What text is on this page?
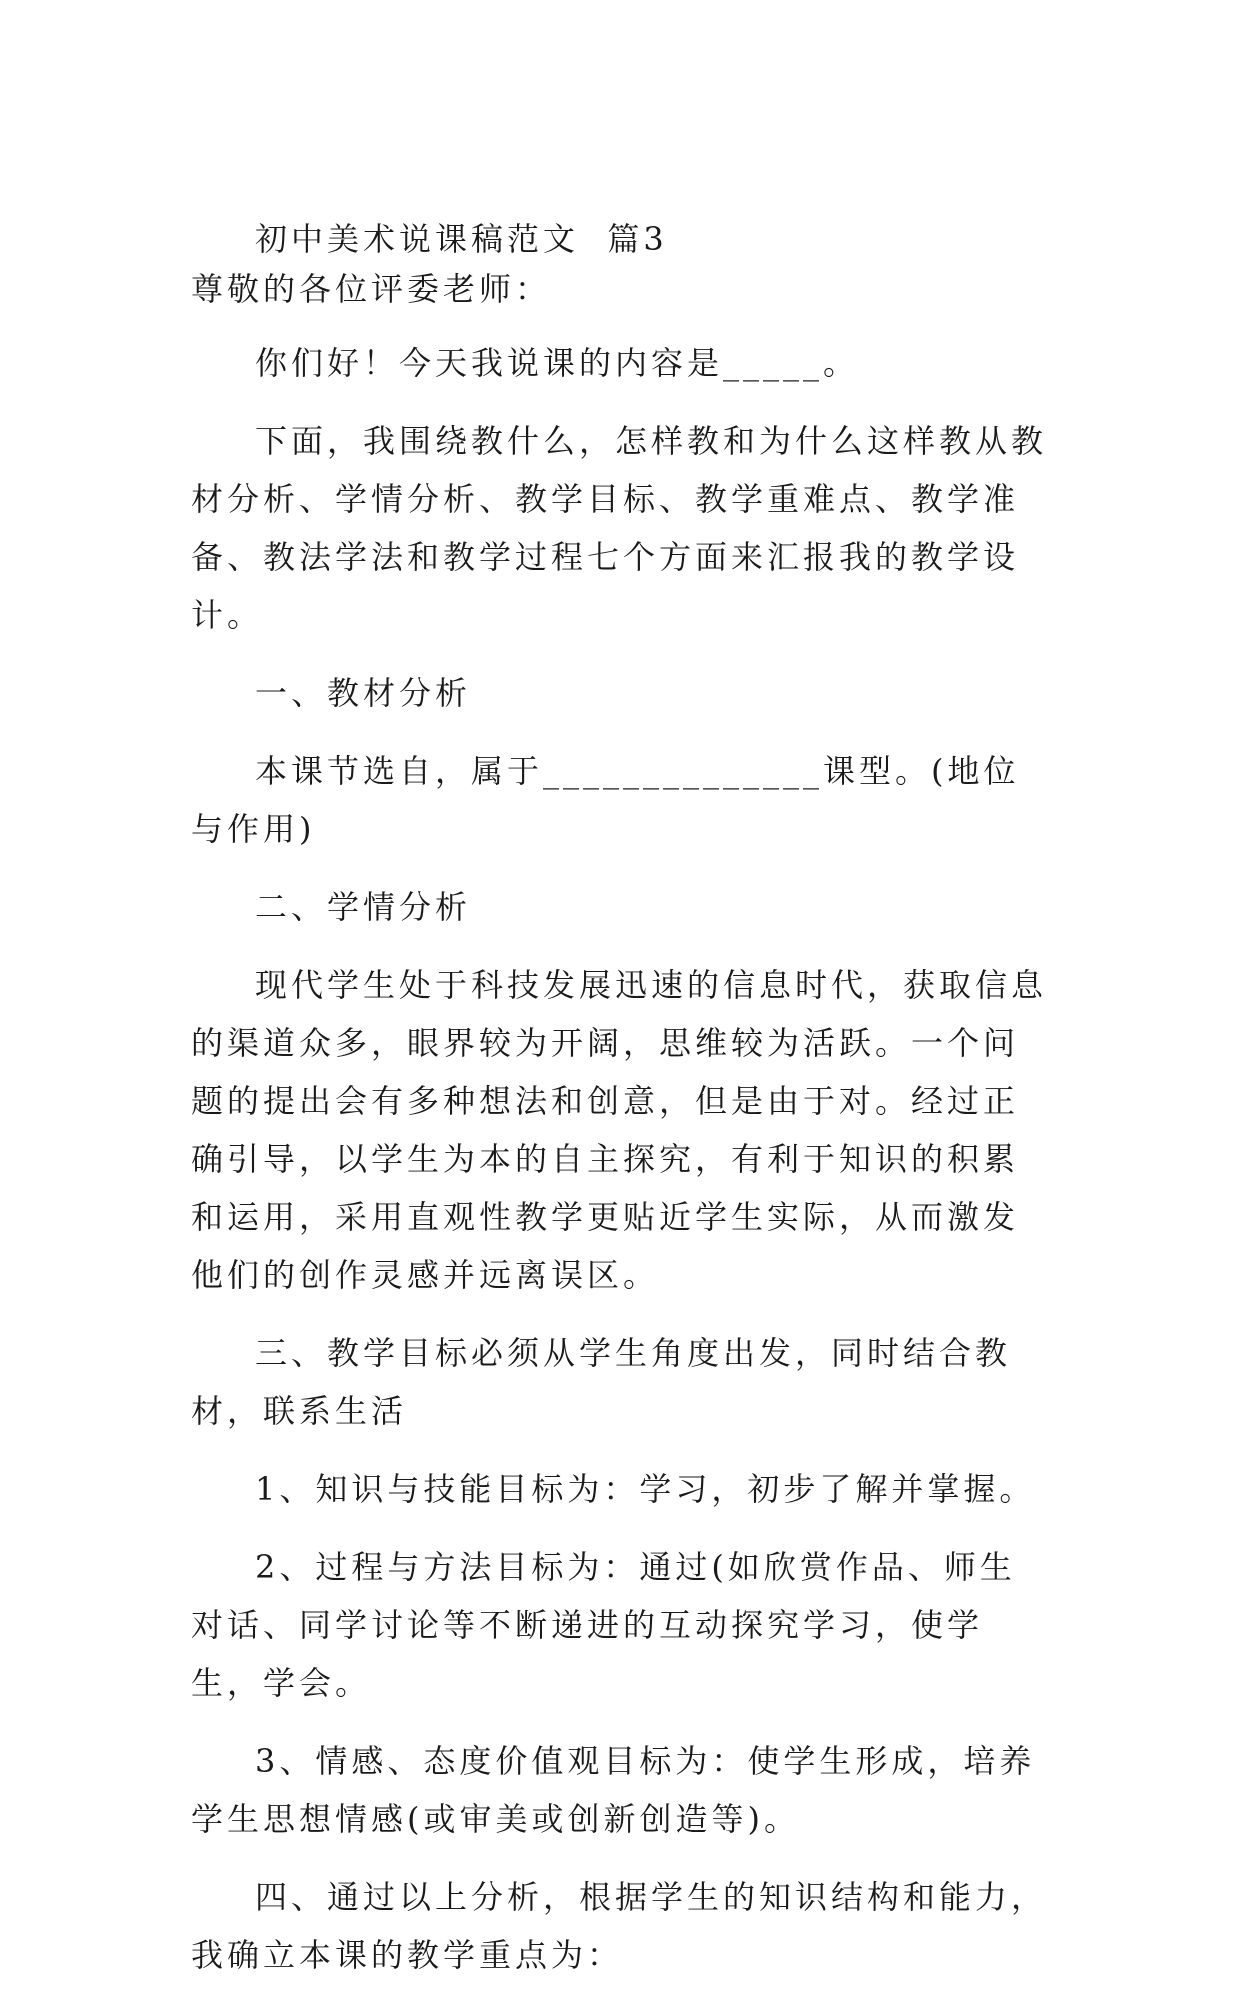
初中美术说课稿范文  篇3
尊敬的各位评委老师：

你们好！今天我说课的内容是_____。

下面，我围绕教什么，怎样教和为什么这样教从教材分析、学情分析、教学目标、教学重难点、教学准备、教法学法和教学过程七个方面来汇报我的教学设计。

一、教材分析

本课节选自，属于______________课型。(地位与作用)

二、学情分析

现代学生处于科技发展迅速的信息时代，获取信息的渠道众多，眼界较为开阔，思维较为活跃。一个问题的提出会有多种想法和创意，但是由于对。经过正确引导，以学生为本的自主探究，有利于知识的积累和运用，采用直观性教学更贴近学生实际，从而激发他们的创作灵感并远离误区。

三、教学目标必须从学生角度出发，同时结合教材，联系生活

1、知识与技能目标为：学习，初步了解并掌握。

2、过程与方法目标为：通过(如欣赏作品、师生对话、同学讨论等不断递进的互动探究学习，使学生，学会。

3、情感、态度价值观目标为：使学生形成，培养学生思想情感(或审美或创新创造等)。

四、通过以上分析，根据学生的知识结构和能力，我确立本课的教学重点为：
